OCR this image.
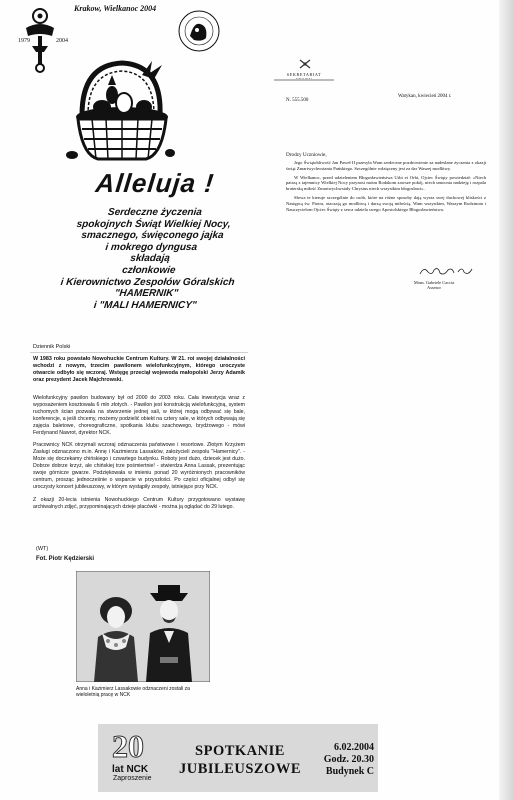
1979	2004
Krakow, Wielkanoc 2004
Alleluja !
Serdeczne życzenia
spokojnych Świąt Wielkiej Nocy,
smacznego, święconego jajka
i mokrego dyngusa
składają
członkowie
i Kierownictwo Zespołów Góralskich
"HAMERNIK"
i "MALI HAMERNICY"
SEKRETARIAT
N. 555.500
Watykan, kwiecień 2004 r.
Drodzy Uczniowie,

Jego Świątobliwość Jan Paweł II przesyła Wam serdeczne pozdrowienie za nadesłane życzenia z okazji świąt Zmartwychwstania Pańskiego. Szczególnie wdzięczny jest za dar Waszej modlitwy.

W Wielkanoc, przed udzieleniem Błogosławieństwa Urbi et Orbi, Ojciec Święty powiedział: «Niech patrzą z tajemnicy Wielkiej Nocy przynosi moim Rodakom zawsze pokój, niech umocnia nadzieję i rozpala braterską miłość Zmartwychwstały Chrystus niech wszystkim błogosławi».

Słowa te kieruje szczególnie do osób, które na różne sposoby dają wyraz swej duchowej bliskości z Następcą św. Piotra, otaczają go modlitwą i darzą swoją miłością. Wam wszystkim, Waszym Rodzinom i Nauczycielom Ojciec Święty z serca udziela swego Apostolskiego Błogosławieństwa.

Mons. Gabriele Caccia
Assesor
Dziennik Polski
W 1983 roku powstało Nowohuckie Centrum Kultury. W 21. roi swojej działalności wchodzi z nowym, trzecim pawilonem wielofunkcyjnym, którego uroczyste otwarcie odbyło się wczoraj. Wstęgę przeciął wojewoda małopolski Jerzy Adamik oraz prezydent Jacek Majchrowski.

Wielofunkcyjny pawilon budowany był od 2000 do 2003 roku. Cała inwestycja wraz z wyposażeniem kosztowała 6 mln złotych. - Pawilon jest konstrukcją wielofunkcyjną, system ruchomych ścian pozwala na stworzenie jednej sali, w której mogą odbywać się bale, konferencje, a jeśli chcemy, możemy podzielić obiekt na cztery sale, w których odbywają się zajęcia baletowe, choreograficzne, spotkania klubu szachowego, brydżowego - mówi Ferdynand Nawrot, dyrektor NCK.

Pracownicy NCK otrzymali wczoraj odznaczenia państwowe i resortowe. Złotym Krzyżem Zasługi odznaczono m.in. Annę i Kazimierza Lassaków, założycieli zespołu "Hamernicy". - Może się doczekamy chińskiego i czwartego budynku. Roboty jest dużo, dziecek jest dużo. Dobrze dobrze krzyż, ale chińskiej trze pośmiertnie! - stwierdza Anna Lassak, prezentując swoje górnicze gwarze. Podziękowała w imieniu ponad 20 wyróżnionych pracowników centrum, prosząc jednocześnie o wsparcie w przyszłości. Po części oficjalnej odbył się uroczysty koncert jubileuszowy, w którym wystąpiły zespoły, istniejące przy NCK.

Z okazji 20-lecia istnienia Nowohuckiego Centrum Kultury przygotowano wystawę archiwalnych zdjęć, przypominających dzieje placówki - można ją oglądać do 29 lutego.

(WT)
Fot. Piotr Kędzierski
Anna i Kazimierz Lassakowie odznaczeni zostali za wieloletnią pracę w NCK
20
lat NCK
Zaproszenie
SPOTKANIE
JUBILEUSZOWE
6.02.2004
Godz. 20.30
Budynek C
